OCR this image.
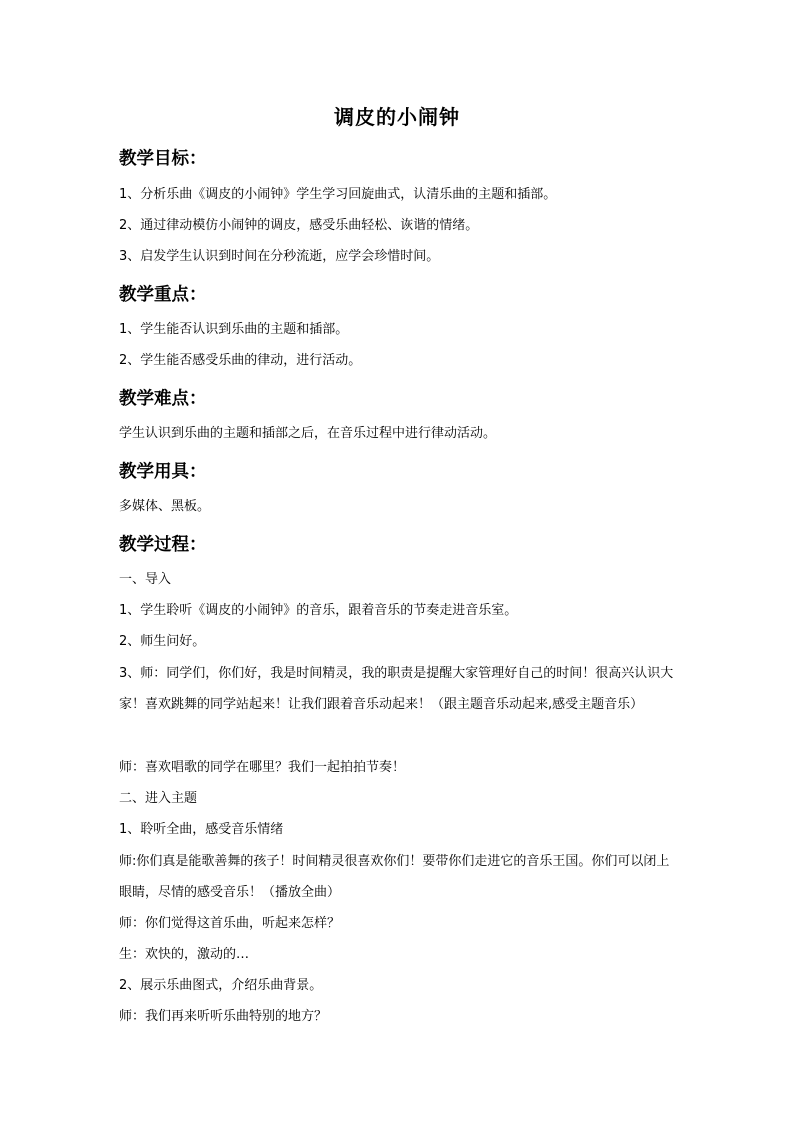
调皮的小闹钟
教学目标：
1、分析乐曲《调皮的小闹钟》学生学习回旋曲式，认清乐曲的主题和插部。
2、通过律动模仿小闹钟的调皮，感受乐曲轻松、诙谐的情绪。
3、启发学生认识到时间在分秒流逝，应学会珍惜时间。
教学重点：
1、学生能否认识到乐曲的主题和插部。
2、学生能否感受乐曲的律动，进行活动。
教学难点：
学生认识到乐曲的主题和插部之后，在音乐过程中进行律动活动。
教学用具：
多媒体、黑板。
教学过程：
一、导入
1、学生聆听《调皮的小闹钟》的音乐，跟着音乐的节奏走进音乐室。
2、师生问好。
3、师：同学们，你们好，我是时间精灵，我的职责是提醒大家管理好自己的时间！很高兴认识大家！喜欢跳舞的同学站起来！让我们跟着音乐动起来！（跟主题音乐动起来,感受主题音乐）
师：喜欢唱歌的同学在哪里？我们一起拍拍节奏！
二、进入主题
1、聆听全曲，感受音乐情绪
师:你们真是能歌善舞的孩子！时间精灵很喜欢你们！要带你们走进它的音乐王国。你们可以闭上眼睛，尽情的感受音乐！（播放全曲）
师：你们觉得这首乐曲，听起来怎样？
生：欢快的，激动的…
2、展示乐曲图式，介绍乐曲背景。
师：我们再来听听乐曲特别的地方？
